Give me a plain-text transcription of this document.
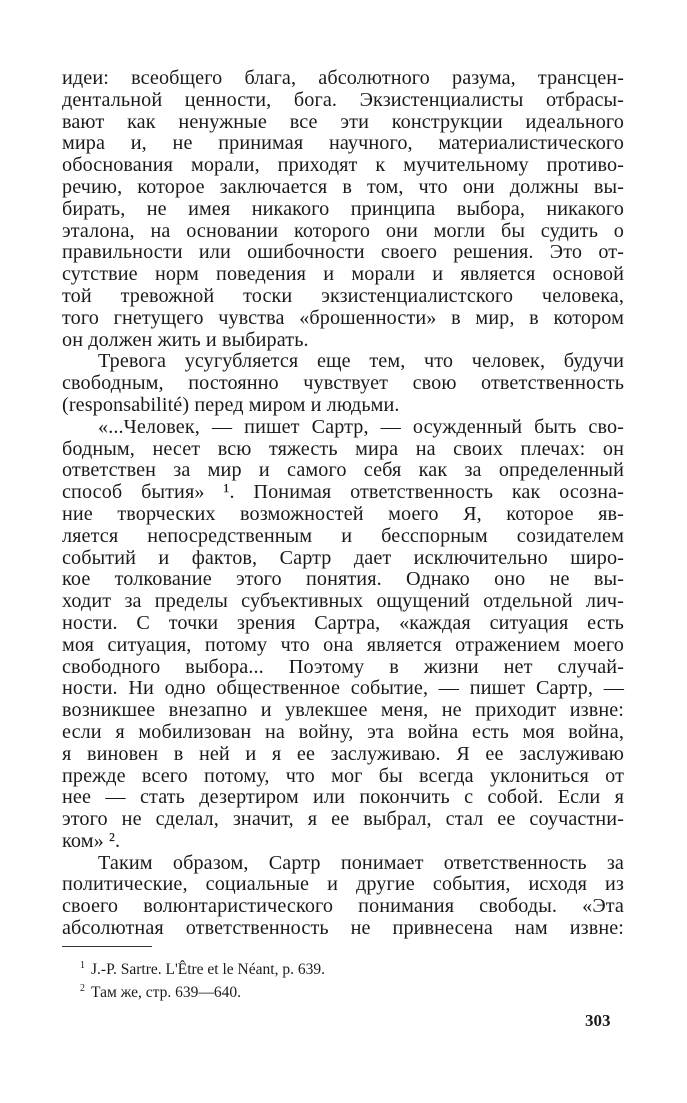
идеи: всеобщего блага, абсолютного разума, трансцен-
дентальной ценности, бога. Экзистенциалисты отбрасы-
вают как ненужные все эти конструкции идеального
мира и, не принимая научного, материалистического
обоснования морали, приходят к мучительному противо-
речию, которое заключается в том, что они должны вы-
бирать, не имея никакого принципа выбора, никакого
эталона, на основании которого они могли бы судить о
правильности или ошибочности своего решения. Это от-
сутствие норм поведения и морали и является основой
той тревожной тоски экзистенциалистского человека,
того гнетущего чувства «брошенности» в мир, в котором
он должен жить и выбирать.
Тревога усугубляется еще тем, что человек, будучи
свободным, постоянно чувствует свою ответственность
(responsabilité) перед миром и людьми.
«...Человек, — пишет Сартр, — осужденный быть сво-
бодным, несет всю тяжесть мира на своих плечах: он
ответствен за мир и самого себя как за определенный
способ бытия» ¹. Понимая ответственность как осозна-
ние творческих возможностей моего Я, которое яв-
ляется непосредственным и бесспорным созидателем
событий и фактов, Сартр дает исключительно широ-
кое толкование этого понятия. Однако оно не вы-
ходит за пределы субъективных ощущений отдельной лич-
ности. С точки зрения Сартра, «каждая ситуация есть
моя ситуация, потому что она является отражением моего
свободного выбора... Поэтому в жизни нет случай-
ности. Ни одно общественное событие, — пишет Сартр, —
возникшее внезапно и увлекшее меня, не приходит извне:
если я мобилизован на войну, эта война есть моя война,
я виновен в ней и я ее заслуживаю. Я ее заслуживаю
прежде всего потому, что мог бы всегда уклониться от
нее — стать дезертиром или покончить с собой. Если я
этого не сделал, значит, я ее выбрал, стал ее соучастни-
ком» ².
Таким образом, Сартр понимает ответственность за
политические, социальные и другие события, исходя из
своего волюнтаристического понимания свободы. «Эта
абсолютная ответственность не привнесена нам извне:
$^1$ J.-P. Sartre. L'Être et le Néant, p. 639.
$^2$ Там же, стр. 639—640.
303
